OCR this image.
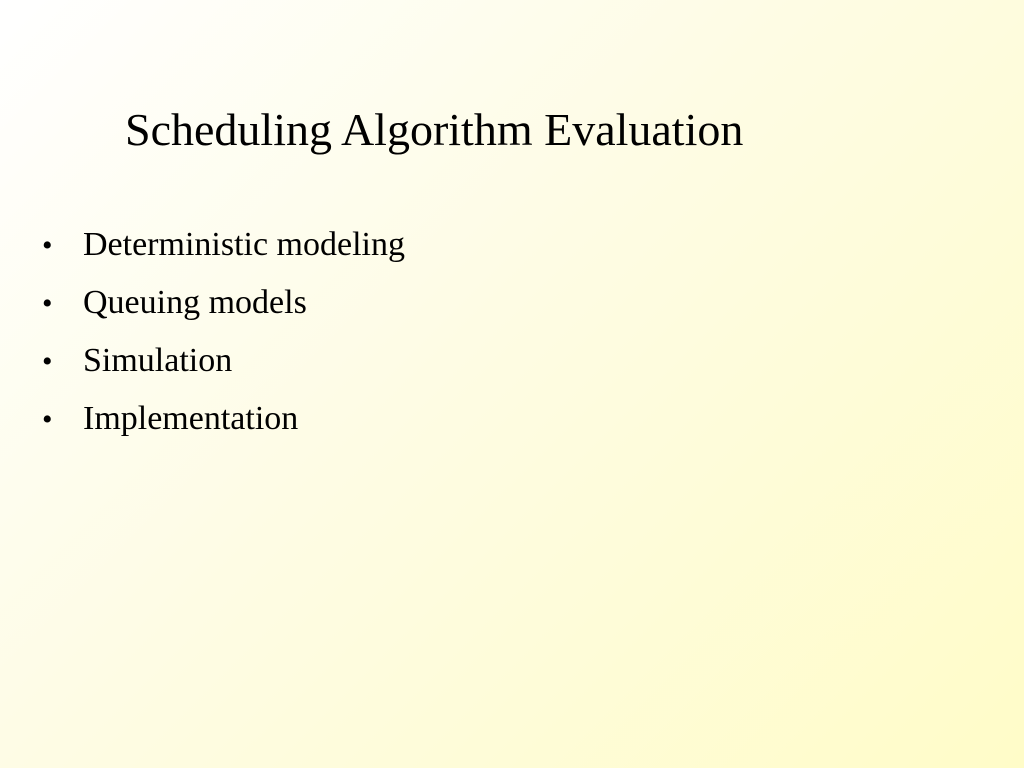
Scheduling Algorithm Evaluation
• Deterministic modeling
• Queuing models
• Simulation
• Implementation
